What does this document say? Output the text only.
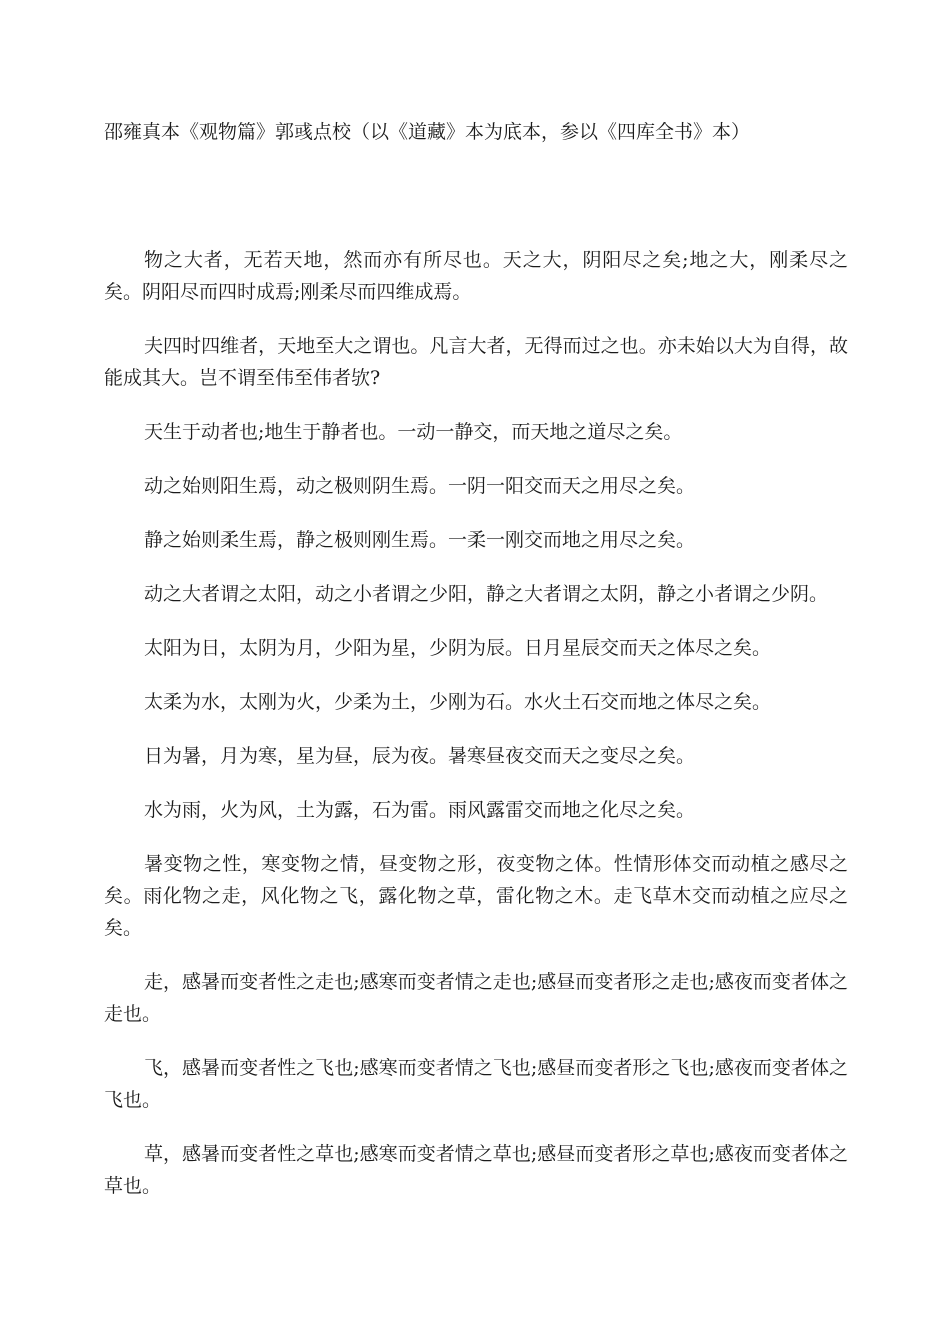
邵雍真本《观物篇》郭彧点校（以《道藏》本为底本，参以《四库全书》本）

物之大者，无若天地，然而亦有所尽也。天之大，阴阳尽之矣;地之大，刚柔尽之矣。阴阳尽而四时成焉;刚柔尽而四维成焉。

夫四时四维者，天地至大之谓也。凡言大者，无得而过之也。亦未始以大为自得，故能成其大。岂不谓至伟至伟者欤?

天生于动者也;地生于静者也。一动一静交，而天地之道尽之矣。

动之始则阳生焉，动之极则阴生焉。一阴一阳交而天之用尽之矣。

静之始则柔生焉，静之极则刚生焉。一柔一刚交而地之用尽之矣。

动之大者谓之太阳，动之小者谓之少阳，静之大者谓之太阴，静之小者谓之少阴。

太阳为日，太阴为月，少阳为星，少阴为辰。日月星辰交而天之体尽之矣。

太柔为水，太刚为火，少柔为土，少刚为石。水火土石交而地之体尽之矣。

日为暑，月为寒，星为昼，辰为夜。暑寒昼夜交而天之变尽之矣。

水为雨，火为风，土为露，石为雷。雨风露雷交而地之化尽之矣。

暑变物之性，寒变物之情，昼变物之形，夜变物之体。性情形体交而动植之感尽之矣。雨化物之走，风化物之飞，露化物之草，雷化物之木。走飞草木交而动植之应尽之矣。

走，感暑而变者性之走也;感寒而变者情之走也;感昼而变者形之走也;感夜而变者体之走也。

飞，感暑而变者性之飞也;感寒而变者情之飞也;感昼而变者形之飞也;感夜而变者体之飞也。

草，感暑而变者性之草也;感寒而变者情之草也;感昼而变者形之草也;感夜而变者体之草也。
